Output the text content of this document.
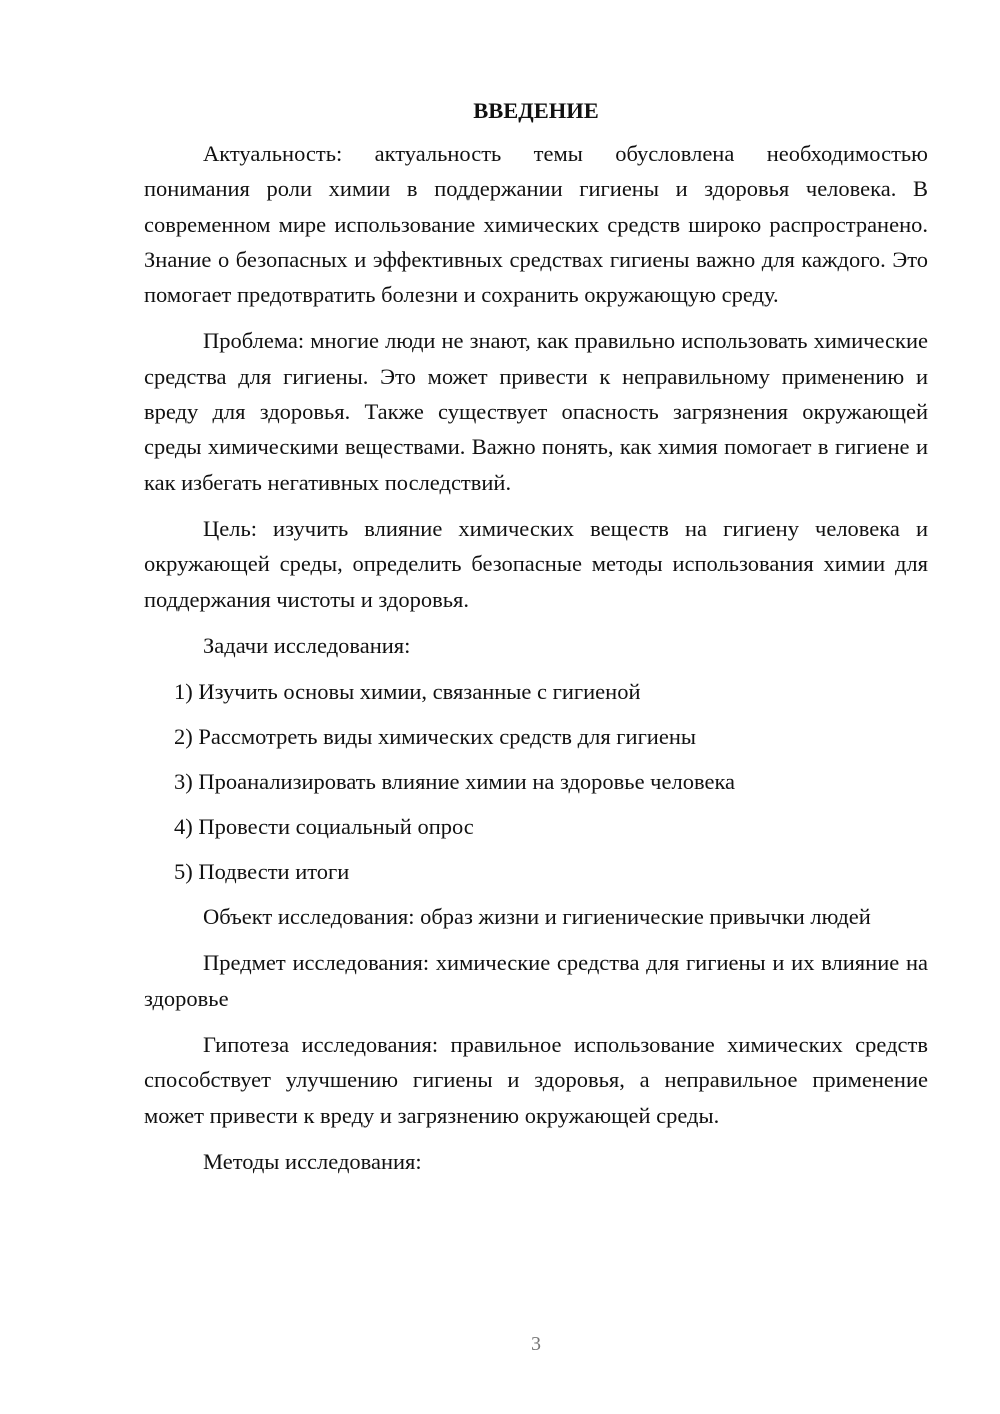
ВВЕДЕНИЕ

Актуальность: актуальность темы обусловлена необходимостью понимания роли химии в поддержании гигиены и здоровья человека. В современном мире использование химических средств широко распространено. Знание о безопасных и эффективных средствах гигиены важно для каждого. Это помогает предотвратить болезни и сохранить окружающую среду.

Проблема: многие люди не знают, как правильно использовать химические средства для гигиены. Это может привести к неправильному применению и вреду для здоровья. Также существует опасность загрязнения окружающей среды химическими веществами. Важно понять, как химия помогает в гигиене и как избегать негативных последствий.

Цель: изучить влияние химических веществ на гигиену человека и окружающей среды, определить безопасные методы использования химии для поддержания чистоты и здоровья.

Задачи исследования:

1) Изучить основы химии, связанные с гигиеной
2) Рассмотреть виды химических средств для гигиены
3) Проанализировать влияние химии на здоровье человека
4) Провести социальный опрос
5) Подвести итоги

Объект исследования: образ жизни и гигиенические привычки людей

Предмет исследования: химические средства для гигиены и их влияние на здоровье

Гипотеза исследования: правильное использование химических средств способствует улучшению гигиены и здоровья, а неправильное применение может привести к вреду и загрязнению окружающей среды.

Методы исследования:

3
